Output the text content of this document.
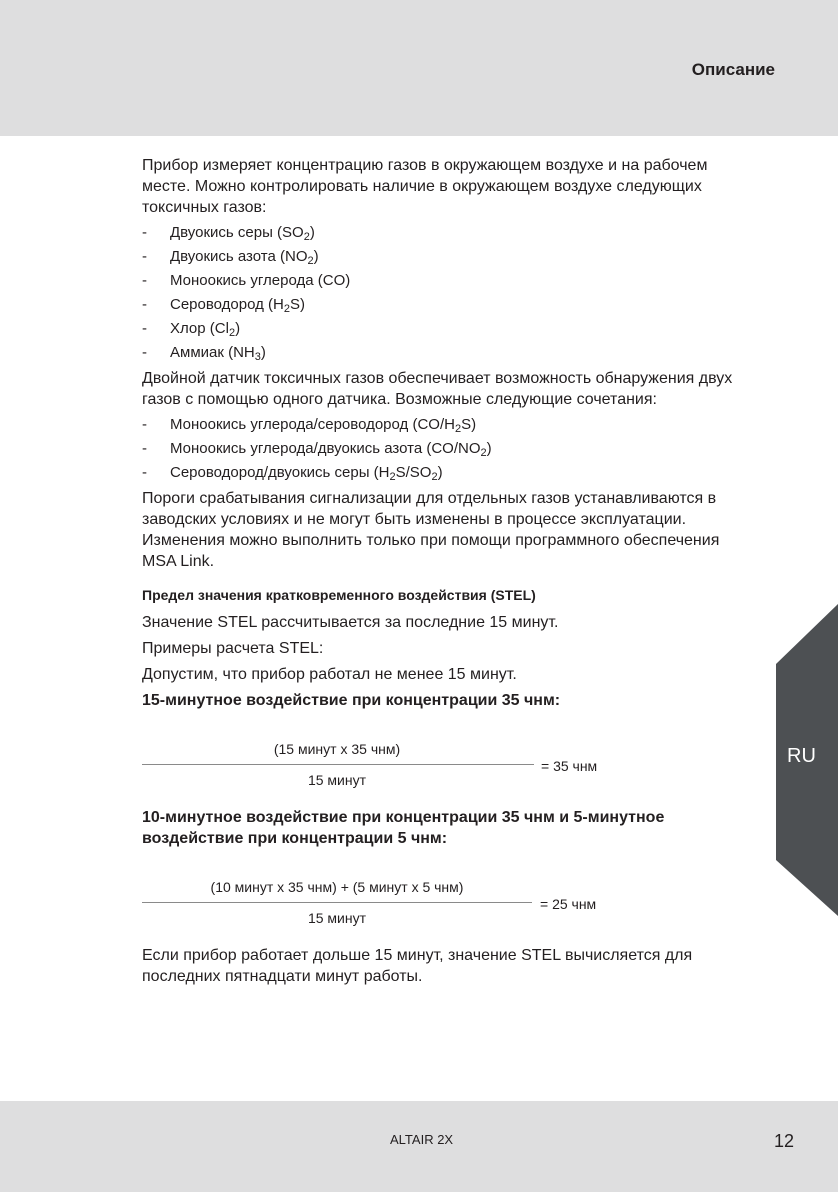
Описание

Прибор измеряет концентрацию газов в окружающем воздухе и на рабочем
месте. Можно контролировать наличие в окружающем воздухе следующих
токсичных газов:

- Двуокись серы $(SO_2)$
- Двуокись азота $(NO_2)$
- Моноокись углерода (CO)
- Сероводород $(H_2S)$
- Хлор $(Cl_2)$
- Аммиак $(NH_3)$

Двойной датчик токсичных газов обеспечивает возможность обнаружения двух
газов с помощью одного датчика. Возможные следующие сочетания:

- Моноокись углерода/сероводород $(CO/H_2S)$
- Моноокись углерода/двуокись азота $(CO/NO_2)$
- Сероводород/двуокись серы $(H_2S/SO_2)$

Пороги срабатывания сигнализации для отдельных газов устанавливаются в
заводских условиях и не могут быть изменены в процессе эксплуатации.
Изменения можно выполнить только при помощи программного обеспечения
MSA Link.

Предел значения кратковременного воздействия (STEL)

Значение STEL рассчитывается за последние 15 минут.

Примеры расчета STEL:

Допустим, что прибор работал не менее 15 минут.

15-минутное воздействие при концентрации 35 чнм:

(15 минут x 35 чнм)
15 минут
= 35 чнм

10-минутное воздействие при концентрации 35 чнм и 5-минутное
воздействие при концентрации 5 чнм:

(10 минут x 35 чнм) + (5 минут x 5 чнм)
15 минут
= 25 чнм

Если прибор работает дольше 15 минут, значение STEL вычисляется для
последних пятнадцати минут работы.

RU
ALTAIR 2X	12
